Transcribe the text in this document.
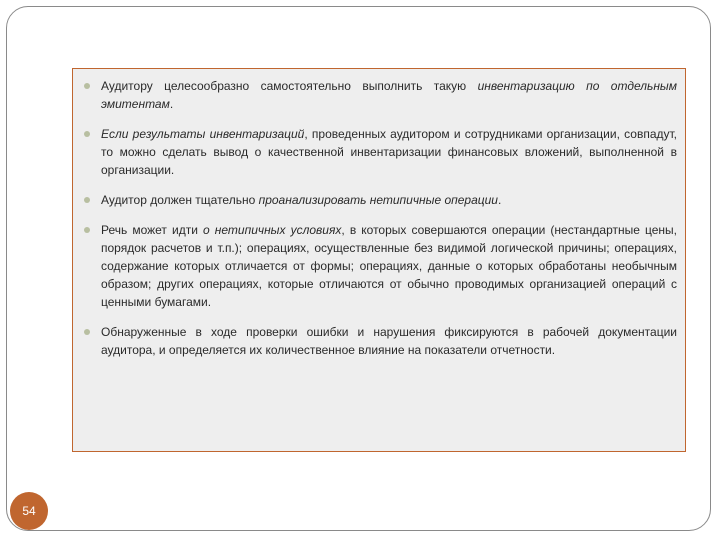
Аудитору целесообразно самостоятельно выполнить такую инвентаризацию по отдельным эмитентам.
Если результаты инвентаризаций, проведенных аудитором и сотрудниками организации, совпадут, то можно сделать вывод о качественной инвентаризации финансовых вложений, выполненной в организации.
Аудитор должен тщательно проанализировать нетипичные операции.
Речь может идти о нетипичных условиях, в которых совершаются операции (нестандартные цены, порядок расчетов и т.п.); операциях, осуществленные без видимой логической причины; операциях, содержание которых отличается от формы; операциях, данные о которых обработаны необычным образом; других операциях, которые отличаются от обычно проводимых организацией операций с ценными бумагами.
Обнаруженные в ходе проверки ошибки и нарушения фиксируются в рабочей документации аудитора, и определяется их количественное влияние на показатели отчетности.
54
